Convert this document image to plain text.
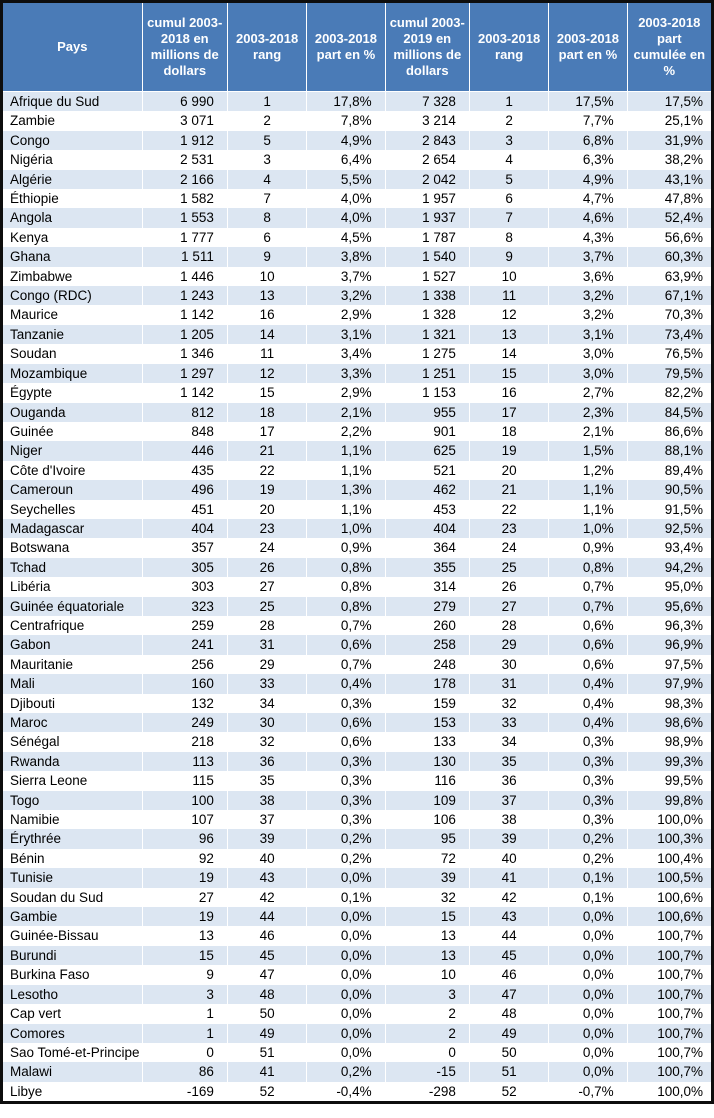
Pays	cumul 2003-2018 en millions de dollars	2003-2018 rang	2003-2018 part en %	cumul 2003-2019 en millions de dollars	2003-2018 rang	2003-2018 part en %	2003-2018 part cumulée en %
Afrique du Sud	6 990	1	17,8%	7 328	1	17,5%	17,5%
Zambie	3 071	2	7,8%	3 214	2	7,7%	25,1%
Congo	1 912	5	4,9%	2 843	3	6,8%	31,9%
Nigéria	2 531	3	6,4%	2 654	4	6,3%	38,2%
Algérie	2 166	4	5,5%	2 042	5	4,9%	43,1%
Éthiopie	1 582	7	4,0%	1 957	6	4,7%	47,8%
Angola	1 553	8	4,0%	1 937	7	4,6%	52,4%
Kenya	1 777	6	4,5%	1 787	8	4,3%	56,6%
Ghana	1 511	9	3,8%	1 540	9	3,7%	60,3%
Zimbabwe	1 446	10	3,7%	1 527	10	3,6%	63,9%
Congo (RDC)	1 243	13	3,2%	1 338	11	3,2%	67,1%
Maurice	1 142	16	2,9%	1 328	12	3,2%	70,3%
Tanzanie	1 205	14	3,1%	1 321	13	3,1%	73,4%
Soudan	1 346	11	3,4%	1 275	14	3,0%	76,5%
Mozambique	1 297	12	3,3%	1 251	15	3,0%	79,5%
Égypte	1 142	15	2,9%	1 153	16	2,7%	82,2%
Ouganda	812	18	2,1%	955	17	2,3%	84,5%
Guinée	848	17	2,2%	901	18	2,1%	86,6%
Niger	446	21	1,1%	625	19	1,5%	88,1%
Côte d'Ivoire	435	22	1,1%	521	20	1,2%	89,4%
Cameroun	496	19	1,3%	462	21	1,1%	90,5%
Seychelles	451	20	1,1%	453	22	1,1%	91,5%
Madagascar	404	23	1,0%	404	23	1,0%	92,5%
Botswana	357	24	0,9%	364	24	0,9%	93,4%
Tchad	305	26	0,8%	355	25	0,8%	94,2%
Libéria	303	27	0,8%	314	26	0,7%	95,0%
Guinée équatoriale	323	25	0,8%	279	27	0,7%	95,6%
Centrafrique	259	28	0,7%	260	28	0,6%	96,3%
Gabon	241	31	0,6%	258	29	0,6%	96,9%
Mauritanie	256	29	0,7%	248	30	0,6%	97,5%
Mali	160	33	0,4%	178	31	0,4%	97,9%
Djibouti	132	34	0,3%	159	32	0,4%	98,3%
Maroc	249	30	0,6%	153	33	0,4%	98,6%
Sénégal	218	32	0,6%	133	34	0,3%	98,9%
Rwanda	113	36	0,3%	130	35	0,3%	99,3%
Sierra Leone	115	35	0,3%	116	36	0,3%	99,5%
Togo	100	38	0,3%	109	37	0,3%	99,8%
Namibie	107	37	0,3%	106	38	0,3%	100,0%
Érythrée	96	39	0,2%	95	39	0,2%	100,3%
Bénin	92	40	0,2%	72	40	0,2%	100,4%
Tunisie	19	43	0,0%	39	41	0,1%	100,5%
Soudan du Sud	27	42	0,1%	32	42	0,1%	100,6%
Gambie	19	44	0,0%	15	43	0,0%	100,6%
Guinée-Bissau	13	46	0,0%	13	44	0,0%	100,7%
Burundi	15	45	0,0%	13	45	0,0%	100,7%
Burkina Faso	9	47	0,0%	10	46	0,0%	100,7%
Lesotho	3	48	0,0%	3	47	0,0%	100,7%
Cap vert	1	50	0,0%	2	48	0,0%	100,7%
Comores	1	49	0,0%	2	49	0,0%	100,7%
Sao Tomé-et-Principe	0	51	0,0%	0	50	0,0%	100,7%
Malawi	86	41	0,2%	-15	51	0,0%	100,7%
Libye	-169	52	-0,4%	-298	52	-0,7%	100,0%
